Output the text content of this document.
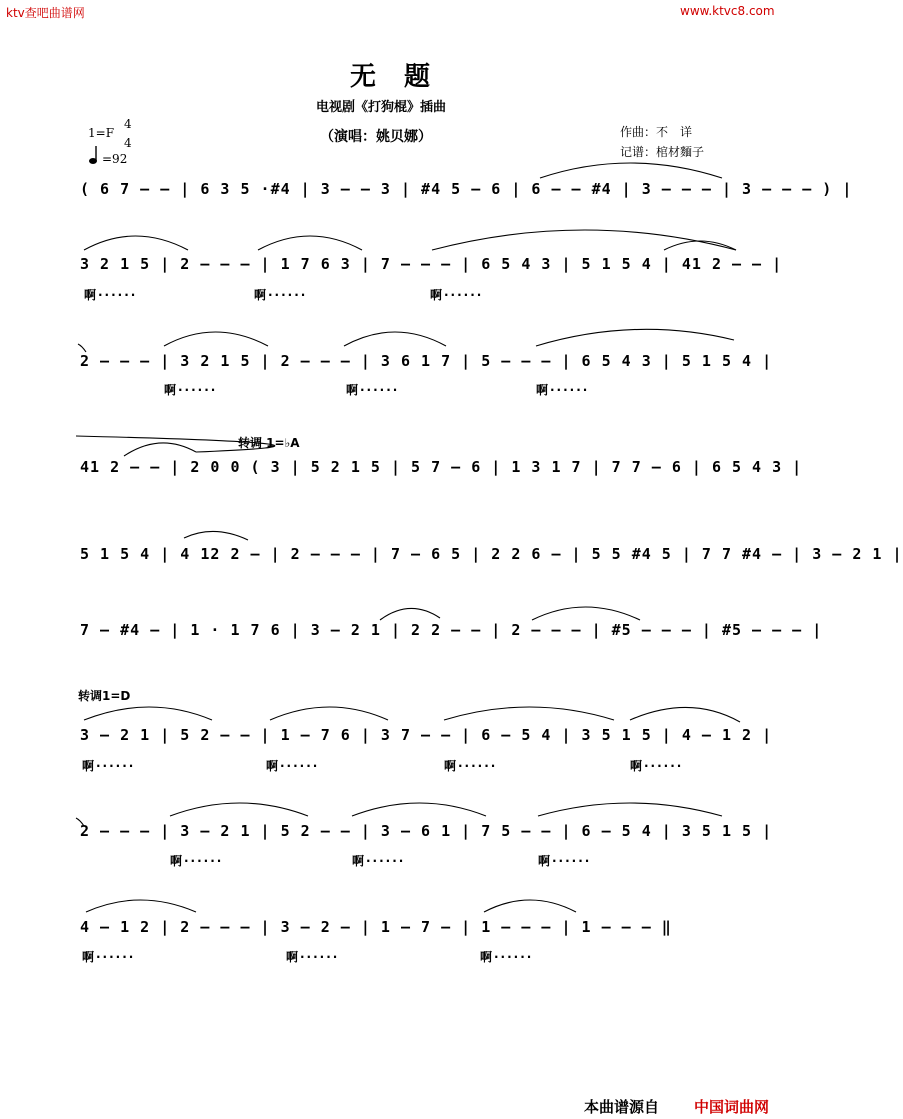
ktv查吧曲谱网	www.ktvc8.com
无题
电视剧《打狗棍》插曲
（演唱：姚贝娜）
1=F
4
4
=92
作曲：不　详
记谱：棺材麵子
( 6 7 – – | 6 3 5 ·#4 | 3 – – 3 | #4 5 – 6 | 6 – – #4 | 3 – – – | 3 – – – ) |
3 2 1 5 | 2 – – – | 1 7 6 3 | 7 – – – | 6 5 4 3 | 5 1 5 4 | 41 2 – – |
啊······	啊······	啊······
2 – – – | 3 2 1 5 | 2 – – – | 3 6 1 7 | 5 – – – | 6 5 4 3 | 5 1 5 4 |
啊······	啊······	啊······
转调 1=♭A
41 2 – – | 2 0 0 ( 3 | 5 2 1 5 | 5 7 – 6 | 1 3 1 7 | 7 7 – 6 | 6 5 4 3 |
5 1 5 4 | 4 12 2 – | 2 – – – | 7 – 6 5 | 2 2 6 – | 5 5 #4 5 | 7 7 #4 – | 3 – 2 1 |
7 – #4 – | 1 · 1 7 6 | 3 – 2 1 | 2 2 – – | 2 – – – | #5 – – – | #5 – – – |
转调1=D
3 – 2 1 | 5 2 – – | 1 – 7 6 | 3 7 – – | 6 – 5 4 | 3 5 1 5 | 4 – 1 2 |
啊······	啊······	啊······	啊······
2 – – – | 3 – 2 1 | 5 2 – – | 3 – 6 1 | 7 5 – – | 6 – 5 4 | 3 5 1 5 |
啊······	啊······	啊······
4 – 1 2 | 2 – – – | 3 – 2 – | 1 – 7 – | 1 – – – | 1 – – – ‖
啊······	啊······	啊······
本曲谱源自 中国词曲网
